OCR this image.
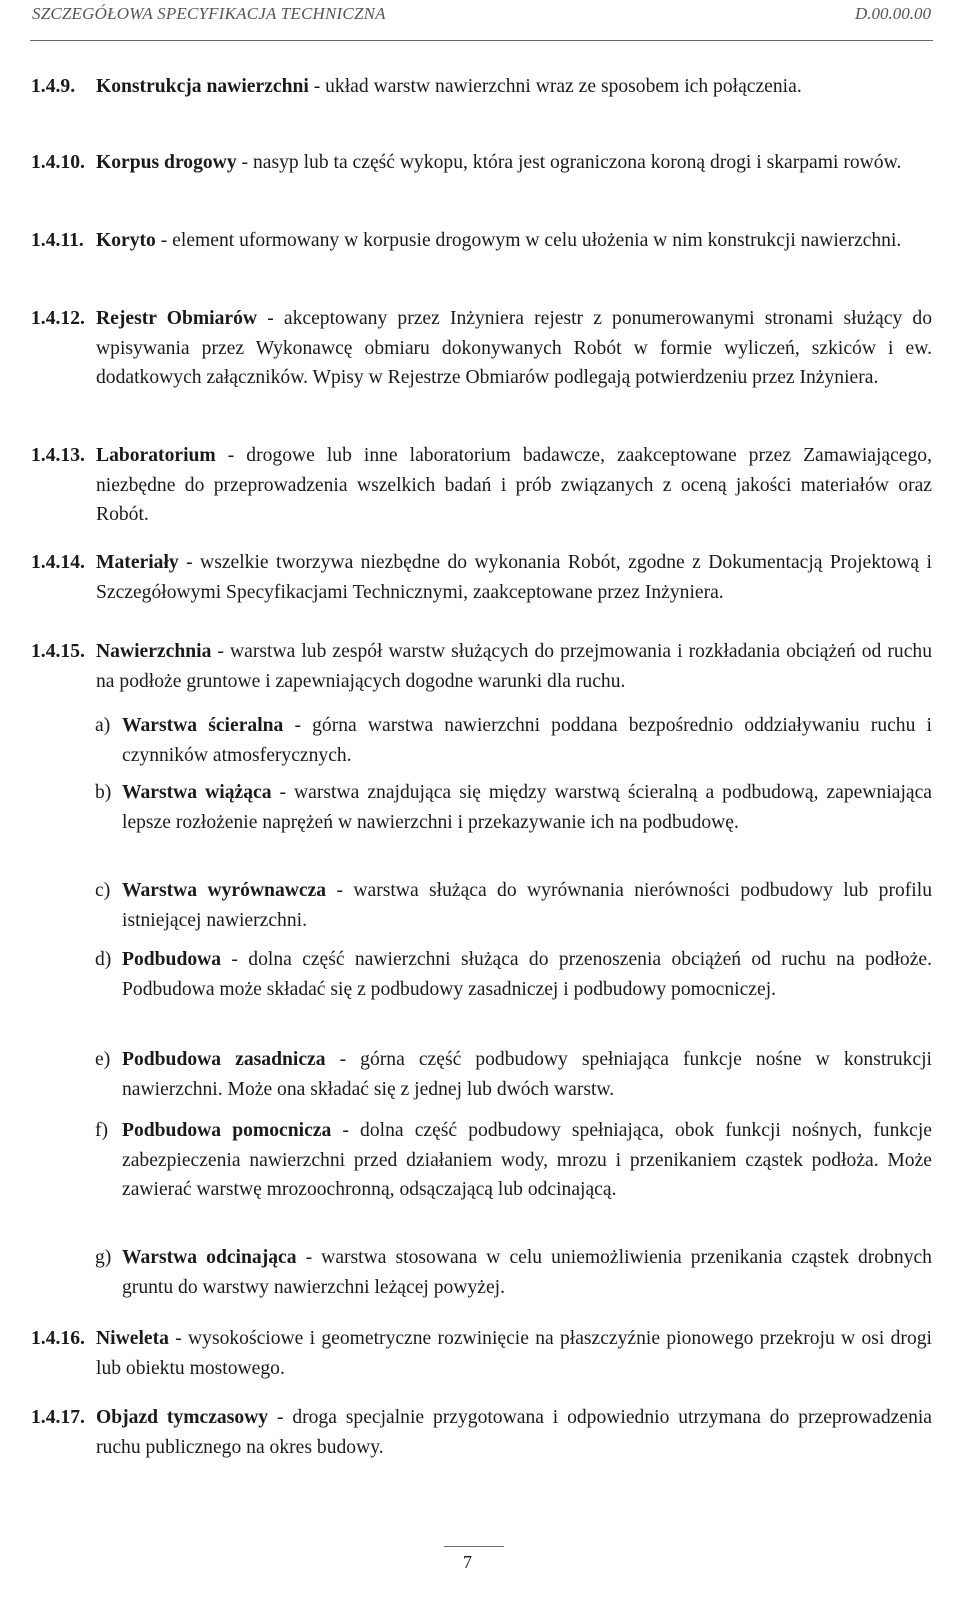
SZCZEGÓŁOWA SPECYFIKACJA TECHNICZNA	D.00.00.00
1.4.9. Konstrukcja nawierzchni - układ warstw nawierzchni wraz ze sposobem ich połączenia.
1.4.10. Korpus drogowy - nasyp lub ta część wykopu, która jest ograniczona koroną drogi i skarpami rowów.
1.4.11. Koryto - element uformowany w korpusie drogowym w celu ułożenia w nim konstrukcji nawierzchni.
1.4.12. Rejestr Obmiarów - akceptowany przez Inżyniera rejestr z ponumerowanymi stronami służący do wpisywania przez Wykonawcę obmiaru dokonywanych Robót w formie wyliczeń, szkiców i ew. dodatkowych załączników. Wpisy w Rejestrze Obmiarów podlegają potwierdzeniu przez Inżyniera.
1.4.13. Laboratorium - drogowe lub inne laboratorium badawcze, zaakceptowane przez Zamawiającego, niezbędne do przeprowadzenia wszelkich badań i prób związanych z oceną jakości materiałów oraz Robót.
1.4.14. Materiały - wszelkie tworzywa niezbędne do wykonania Robót, zgodne z Dokumentacją Projektową i Szczegółowymi Specyfikacjami Technicznymi, zaakceptowane przez Inżyniera.
1.4.15. Nawierzchnia - warstwa lub zespół warstw służących do przejmowania i rozkładania obciążeń od ruchu na podłoże gruntowe i zapewniających dogodne warunki dla ruchu.
a) Warstwa ścieralna - górna warstwa nawierzchni poddana bezpośrednio oddziaływaniu ruchu i czynników atmosferycznych.
b) Warstwa wiążąca - warstwa znajdująca się między warstwą ścieralną a podbudową, zapewniająca lepsze rozłożenie naprężeń w nawierzchni i przekazywanie ich na podbudowę.
c) Warstwa wyrównawcza - warstwa służąca do wyrównania nierówności podbudowy lub profilu istniejącej nawierzchni.
d) Podbudowa - dolna część nawierzchni służąca do przenoszenia obciążeń od ruchu na podłoże. Podbudowa może składać się z podbudowy zasadniczej i podbudowy pomocniczej.
e) Podbudowa zasadnicza - górna część podbudowy spełniająca funkcje nośne w konstrukcji nawierzchni. Może ona składać się z jednej lub dwóch warstw.
f) Podbudowa pomocnicza - dolna część podbudowy spełniająca, obok funkcji nośnych, funkcje zabezpieczenia nawierzchni przed działaniem wody, mrozu i przenikaniem cząstek podłoża. Może zawierać warstwę mrozoochronną, odsączającą lub odcinającą.
g) Warstwa odcinająca - warstwa stosowana w celu uniemożliwienia przenikania cząstek drobnych gruntu do warstwy nawierzchni leżącej powyżej.
1.4.16. Niweleta - wysokościowe i geometryczne rozwinięcie na płaszczyźnie pionowego przekroju w osi drogi lub obiektu mostowego.
1.4.17. Objazd tymczasowy - droga specjalnie przygotowana i odpowiednio utrzymana do przeprowadzenia ruchu publicznego na okres budowy.
7
